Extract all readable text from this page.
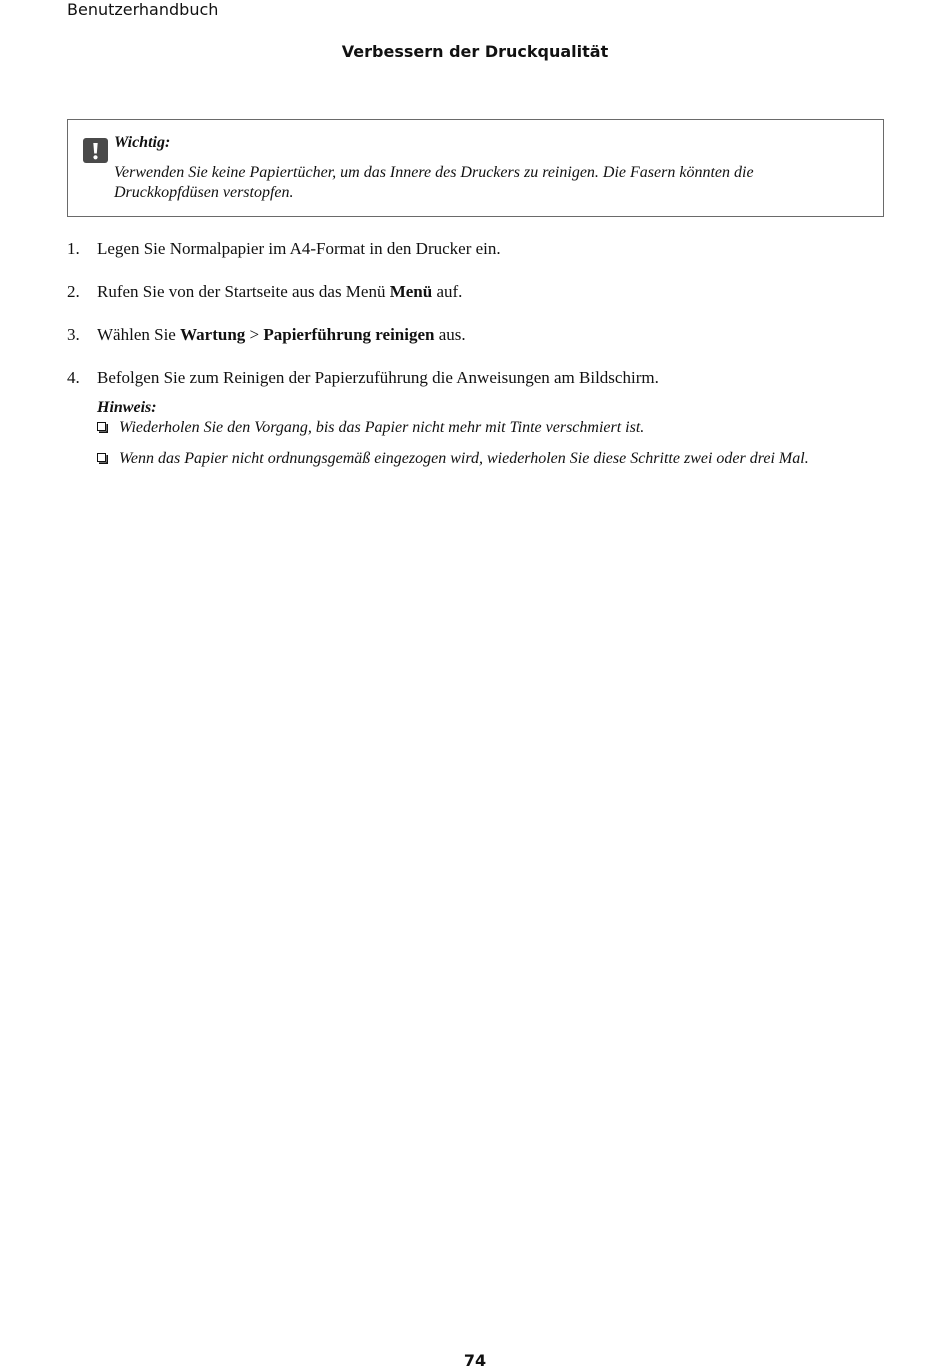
Benutzerhandbuch
Verbessern der Druckqualität
Wichtig:
Verwenden Sie keine Papiertücher, um das Innere des Druckers zu reinigen. Die Fasern könnten die
Druckkopfdüsen verstopfen.
1. Legen Sie Normalpapier im A4-Format in den Drucker ein.
2. Rufen Sie von der Startseite aus das Menü Menü auf.
3. Wählen Sie Wartung > Papierführung reinigen aus.
4. Befolgen Sie zum Reinigen der Papierzuführung die Anweisungen am Bildschirm.
Hinweis:
Wiederholen Sie den Vorgang, bis das Papier nicht mehr mit Tinte verschmiert ist.
Wenn das Papier nicht ordnungsgemäß eingezogen wird, wiederholen Sie diese Schritte zwei oder drei Mal.
74
